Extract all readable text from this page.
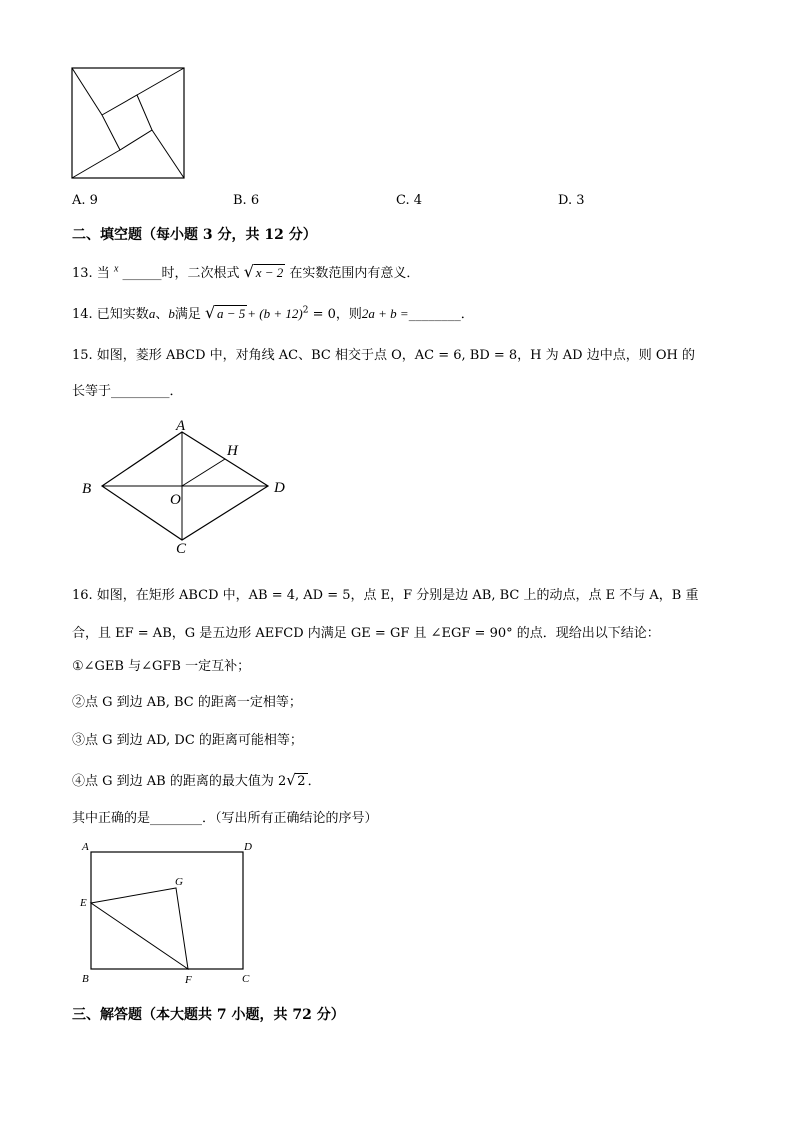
A. 9	B. 6	C. 4	D. 3
二、填空题（每小题 3 分，共 12 分）
13. 当 $^x$ ______时，二次根式 √ x − 2 在实数范围内有意义．
14. 已知实数a、b满足 √ $a - 5 + (b + 12)^2 = 0$，则2a + b =________．
15. 如图，菱形 ABCD 中，对角线 AC、BC 相交于点 O，AC = 6, BD = 8，H 为 AD 边中点，则 OH 的
长等于_________．
A
B
C
D
H
O
16. 如图，在矩形 ABCD 中，AB = 4, AD = 5，点 E，F 分别是边 AB, BC 上的动点，点 E 不与 A，B 重
合，且 EF = AB，G 是五边形 AEFCD 内满足 GE = GF 且 ∠EGF = 90° 的点．现给出以下结论：
①∠GEB 与∠GFB 一定互补；
②点 G 到边 AB, BC 的距离一定相等；
③点 G 到边 AD, DC 的距离可能相等；
④点 G 到边 AB 的距离的最大值为 2 √ 2 ．
其中正确的是________．（写出所有正确结论的序号）
A	D
E
G
B	F	C
三、解答题（本大题共 7 小题，共 72 分）
